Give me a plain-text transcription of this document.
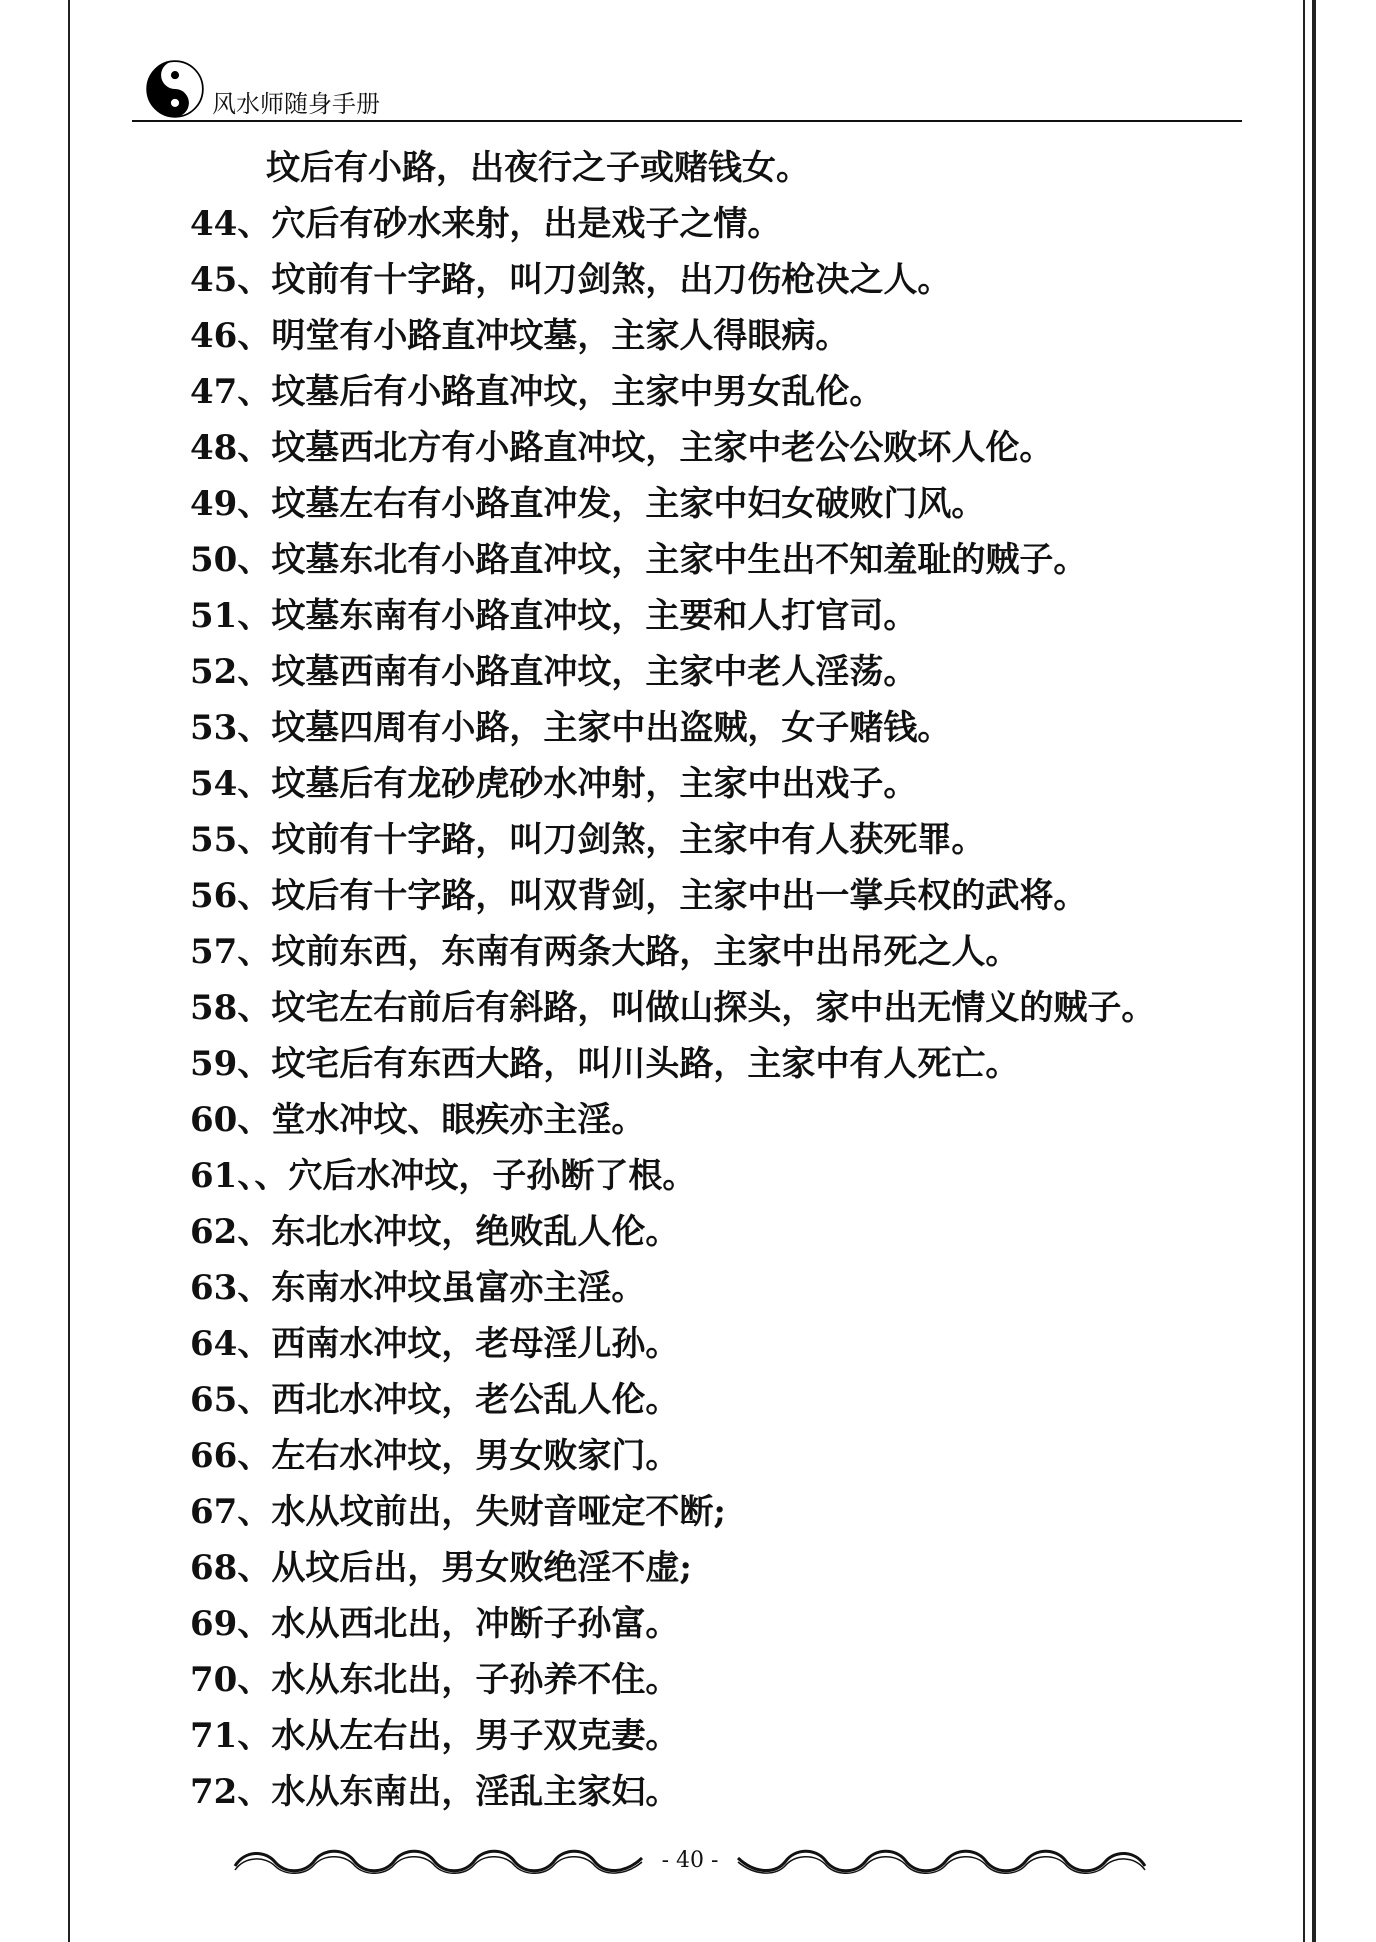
风水师随身手册
坟后有小路，出夜行之子或赌钱女。
44、穴后有砂水来射，出是戏子之情。
45、坟前有十字路，叫刀剑煞，出刀伤枪决之人。
46、明堂有小路直冲坟墓，主家人得眼病。
47、坟墓后有小路直冲坟，主家中男女乱伦。
48、坟墓西北方有小路直冲坟，主家中老公公败坏人伦。
49、坟墓左右有小路直冲发，主家中妇女破败门风。
50、坟墓东北有小路直冲坟，主家中生出不知羞耻的贼子。
51、坟墓东南有小路直冲坟，主要和人打官司。
52、坟墓西南有小路直冲坟，主家中老人淫荡。
53、坟墓四周有小路，主家中出盗贼，女子赌钱。
54、坟墓后有龙砂虎砂水冲射，主家中出戏子。
55、坟前有十字路，叫刀剑煞，主家中有人获死罪。
56、坟后有十字路，叫双背剑，主家中出一掌兵权的武将。
57、坟前东西，东南有两条大路，主家中出吊死之人。
58、坟宅左右前后有斜路，叫做山探头，家中出无情义的贼子。
59、坟宅后有东西大路，叫川头路，主家中有人死亡。
60、堂水冲坟、眼疾亦主淫。
61、、穴后水冲坟，子孙断了根。
62、东北水冲坟，绝败乱人伦。
63、东南水冲坟虽富亦主淫。
64、西南水冲坟，老母淫儿孙。
65、西北水冲坟，老公乱人伦。
66、左右水冲坟，男女败家门。
67、水从坟前出，失财音哑定不断;
68、从坟后出，男女败绝淫不虚;
69、水从西北出，冲断子孙富。
70、水从东北出，子孙养不住。
71、水从左右出，男子双克妻。
72、水从东南出，淫乱主家妇。
- 40 -
